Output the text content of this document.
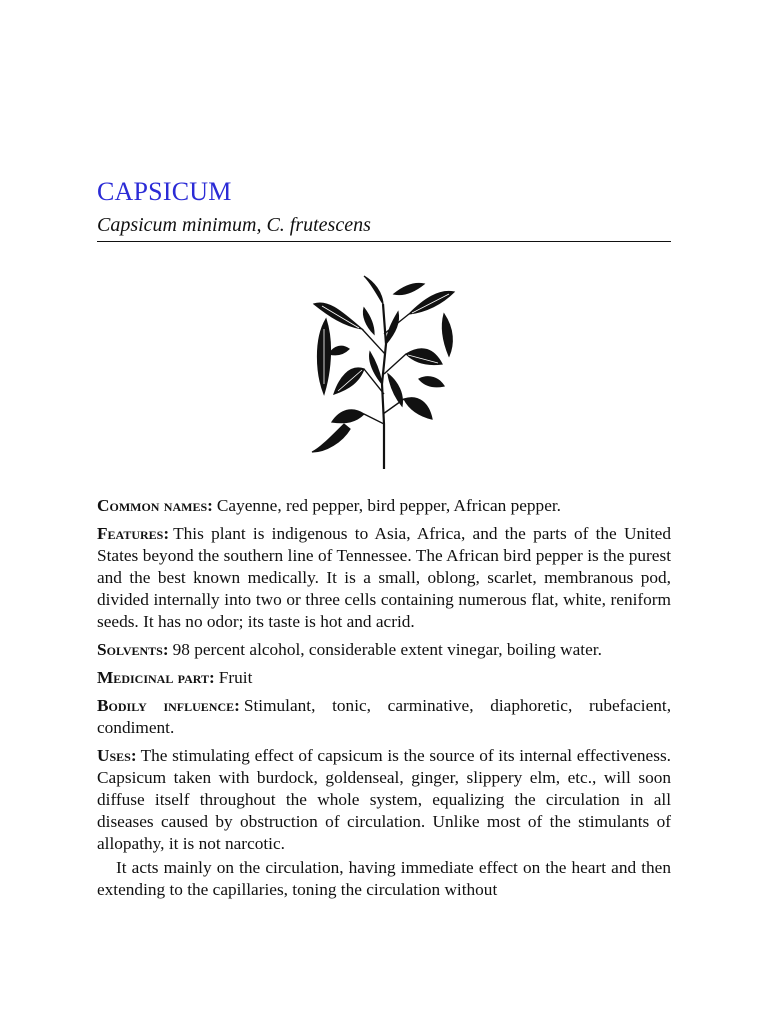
CAPSICUM
Capsicum minimum, C. frutescens

Common names: Cayenne, red pepper, bird pepper, African pepper.

Features: This plant is indigenous to Asia, Africa, and the parts of the United States beyond the southern line of Tennessee. The African bird pepper is the purest and the best known medically. It is a small, oblong, scarlet, membranous pod, divided internally into two or three cells containing numerous flat, white, reniform seeds. It has no odor; its taste is hot and acrid.

Solvents: 98 percent alcohol, considerable extent vinegar, boiling water.

Medicinal part: Fruit

Bodily influence: Stimulant, tonic, carminative, diaphoretic, rubefacient, condiment.

Uses: The stimulating effect of capsicum is the source of its internal effectiveness. Capsicum taken with burdock, goldenseal, ginger, slippery elm, etc., will soon diffuse itself throughout the whole system, equalizing the circulation in all diseases caused by obstruction of circulation. Unlike most of the stimulants of allopathy, it is not narcotic.

It acts mainly on the circulation, having immediate effect on the heart and then extending to the capillaries, toning the circulation without
